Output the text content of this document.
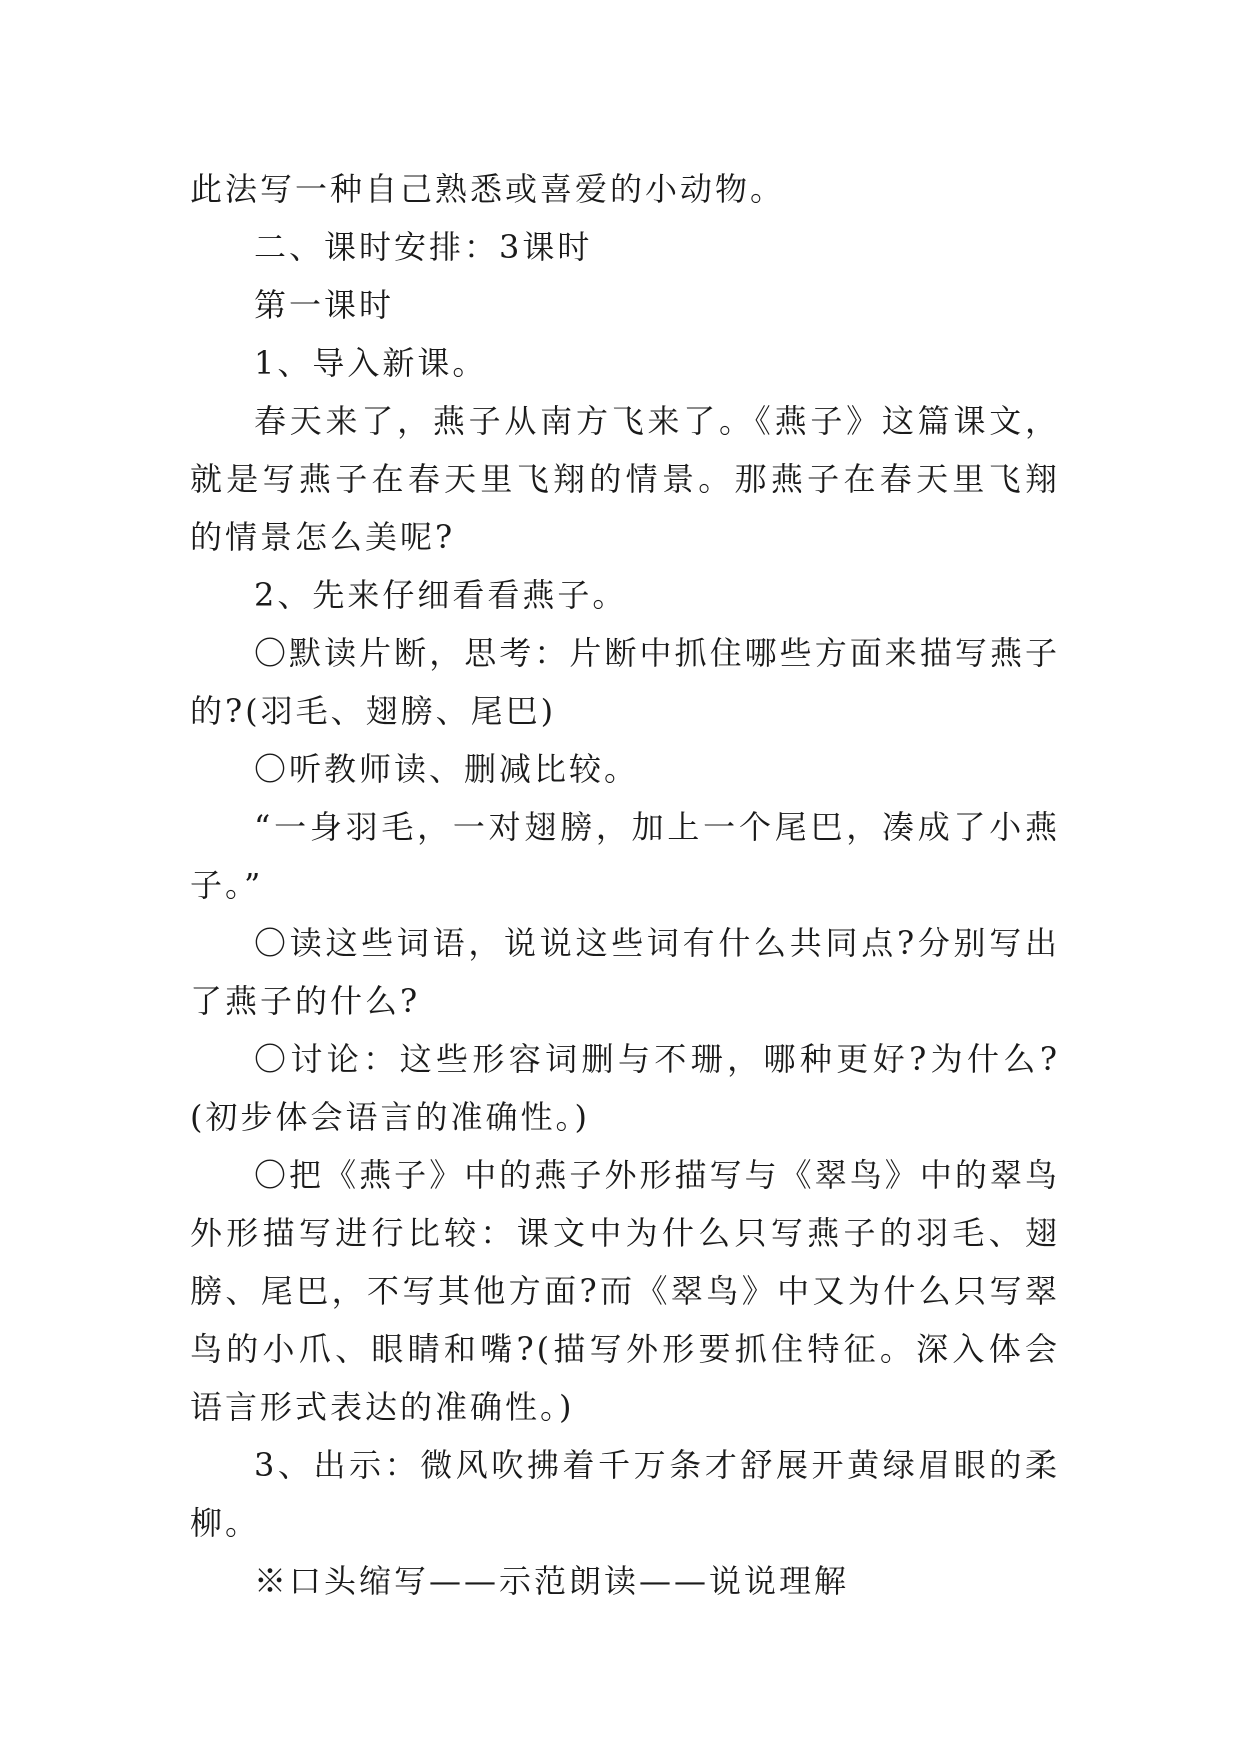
此法写一种自己熟悉或喜爱的小动物。

二、课时安排：3课时

第一课时

1、导入新课。

春天来了，燕子从南方飞来了。《燕子》这篇课文，就是写燕子在春天里飞翔的情景。那燕子在春天里飞翔的情景怎么美呢?

2、先来仔细看看燕子。

〇默读片断，思考：片断中抓住哪些方面来描写燕子的?(羽毛、翅膀、尾巴)

〇听教师读、删减比较。

“一身羽毛，一对翅膀，加上一个尾巴，凑成了小燕子。”

〇读这些词语，说说这些词有什么共同点?分别写出了燕子的什么?

〇讨论：这些形容词删与不珊，哪种更好?为什么?(初步体会语言的准确性。)

〇把《燕子》中的燕子外形描写与《翠鸟》中的翠鸟外形描写进行比较：课文中为什么只写燕子的羽毛、翅膀、尾巴，不写其他方面?而《翠鸟》中又为什么只写翠鸟的小爪、眼睛和嘴?(描写外形要抓住特征。深入体会语言形式表达的准确性。)

3、出示：微风吹拂着千万条才舒展开黄绿眉眼的柔柳。

※口头缩写——示范朗读——说说理解
